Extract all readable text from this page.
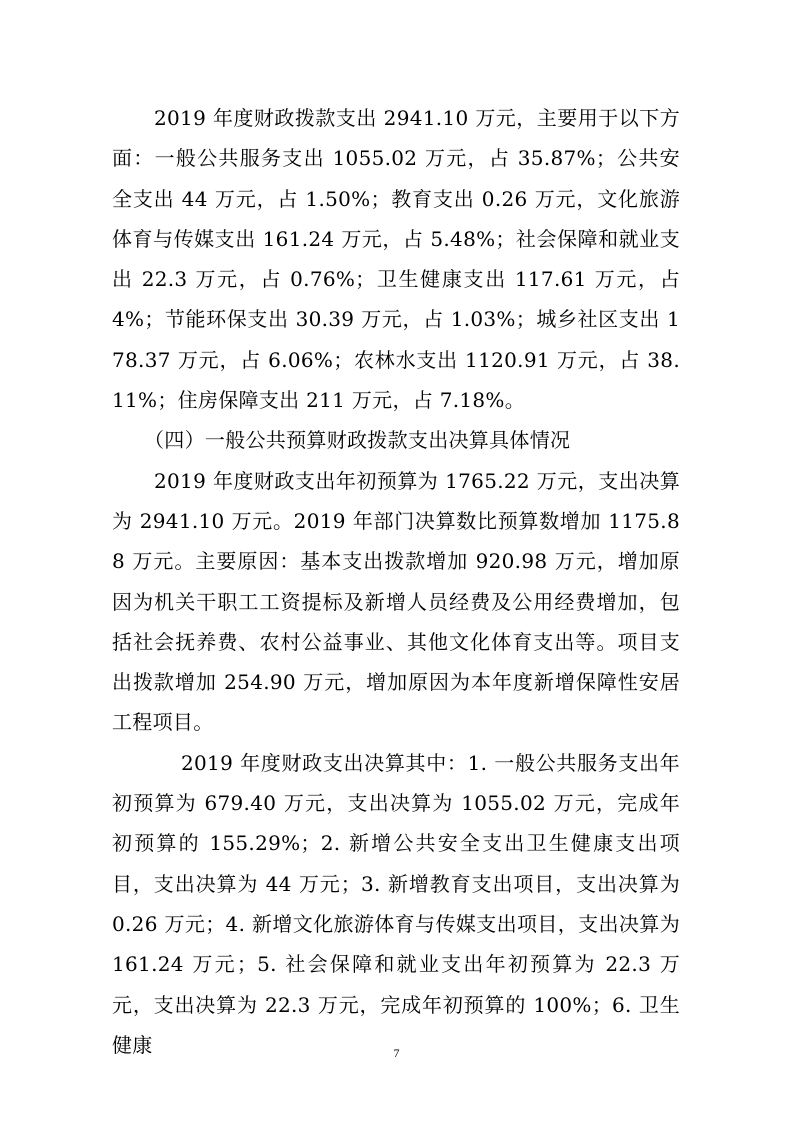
2019 年度财政拨款支出 2941.10 万元，主要用于以下方面：一般公共服务支出 1055.02 万元，占 35.87%；公共安全支出 44 万元，占 1.50%；教育支出 0.26 万元，文化旅游体育与传媒支出 161.24 万元，占 5.48%；社会保障和就业支出 22.3 万元，占 0.76%；卫生健康支出 117.61 万元，占 4%；节能环保支出 30.39 万元，占 1.03%；城乡社区支出 178.37 万元，占 6.06%；农林水支出 1120.91 万元，占 38.11%；住房保障支出 211 万元，占 7.18%。

（四）一般公共预算财政拨款支出决算具体情况

2019 年度财政支出年初预算为 1765.22 万元，支出决算为 2941.10 万元。2019 年部门决算数比预算数增加 1175.88 万元。主要原因：基本支出拨款增加 920.98 万元，增加原因为机关干职工工资提标及新增人员经费及公用经费增加，包括社会抚养费、农村公益事业、其他文化体育支出等。项目支出拨款增加 254.90 万元，增加原因为本年度新增保障性安居工程项目。

2019 年度财政支出决算其中：1. 一般公共服务支出年初预算为 679.40 万元，支出决算为 1055.02 万元，完成年初预算的 155.29%；2. 新增公共安全支出卫生健康支出项目，支出决算为 44 万元；3. 新增教育支出项目，支出决算为 0.26 万元；4. 新增文化旅游体育与传媒支出项目，支出决算为 161.24 万元；5. 社会保障和就业支出年初预算为 22.3 万元，支出决算为 22.3 万元，完成年初预算的 100%；6. 卫生健康	7
